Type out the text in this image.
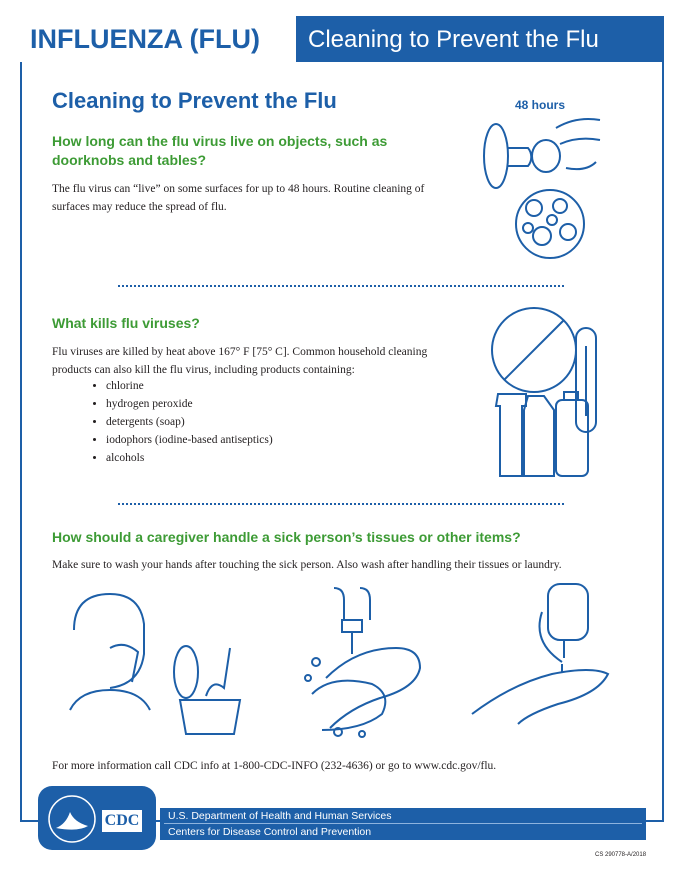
INFLUENZA (FLU)	Cleaning to Prevent the Flu
Cleaning to Prevent the Flu
How long can the flu virus live on objects, such as doorknobs and tables?
The flu virus can “live” on some surfaces for up to 48 hours. Routine cleaning of surfaces may reduce the spread of flu.
48 hours
What kills flu viruses?
Flu viruses are killed by heat above 167° F [75° C]. Common household cleaning products can also kill the flu virus, including products containing:
• chlorine
• hydrogen peroxide
• detergents (soap)
• iodophors (iodine-based antiseptics)
• alcohols
How should a caregiver handle a sick person’s tissues or other items?
Make sure to wash your hands after touching the sick person. Also wash after handling their tissues or laundry.
For more information call CDC info at 1-800-CDC-INFO (232-4636) or go to www.cdc.gov/flu.
CDC	U.S. Department of Health and Human Services
Centers for Disease Control and Prevention
CS 290778-A/2018
